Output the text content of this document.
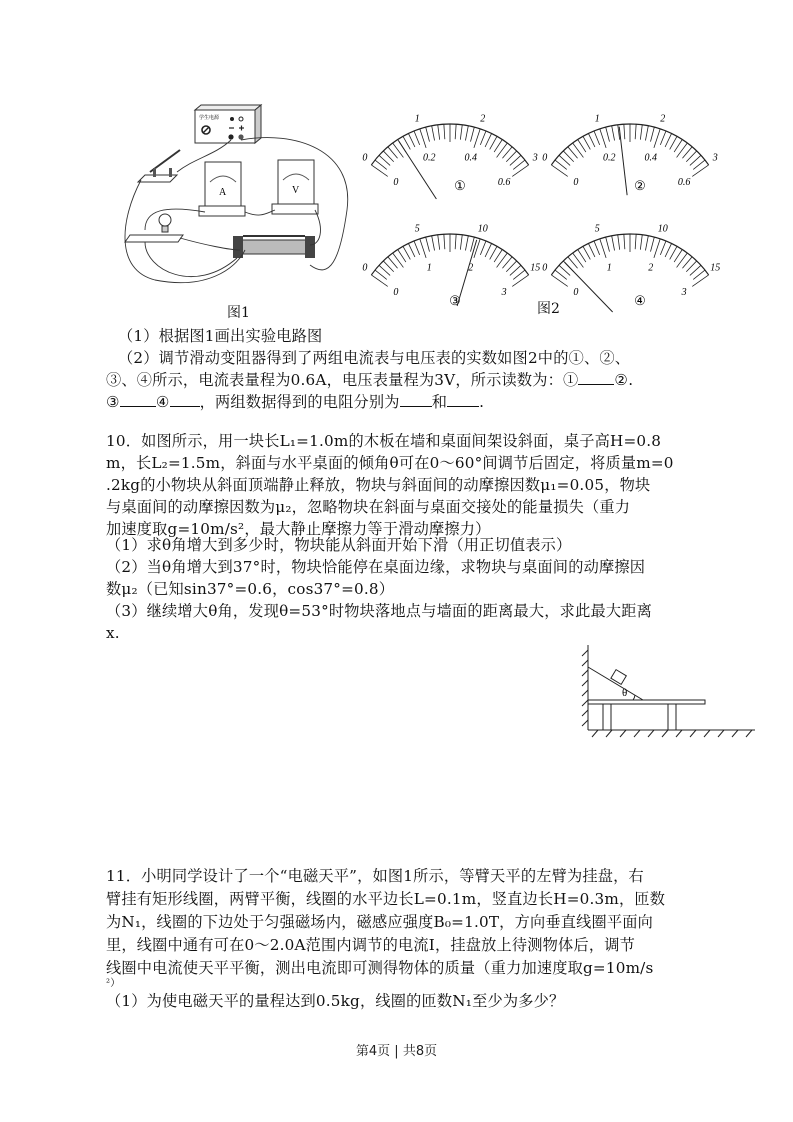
学生电源
A	V
图1
0
0
1
0.2
2
0.4	3
0.6
①
0
0
1
0.2
2
0.4	3
0.6
②
0
0
5
1
10
2	15
3
③
0
0
5
1
10
2	15
3
④
图2
（1）根据图1画出实验电路图
（2）调节滑动变阻器得到了两组电流表与电压表的实数如图2中的①、②、
③、④所示，电流表量程为0.6A，电压表量程为3V，所示读数为：① ②.
③ ④ ，两组数据得到的电阻分别为 和 .
10．如图所示，用一块长L₁=1.0m的木板在墙和桌面间架设斜面，桌子高H=0.8
m，长L₂=1.5m，斜面与水平桌面的倾角θ可在0～60°间调节后固定，将质量m=0
.2kg的小物块从斜面顶端静止释放，物块与斜面间的动摩擦因数μ₁=0.05，物块
与桌面间的动摩擦因数为μ₂，忽略物块在斜面与桌面交接处的能量损失（重力
加速度取g=10m/s²，最大静止摩擦力等于滑动摩擦力）
（1）求θ角增大到多少时，物块能从斜面开始下滑（用正切值表示）
（2）当θ角增大到37°时，物块恰能停在桌面边缘，求物块与桌面间的动摩擦因
数μ₂（已知sin37°=0.6，cos37°=0.8）
（3）继续增大θ角，发现θ=53°时物块落地点与墙面的距离最大，求此最大距离
x.
θ
11．小明同学设计了一个“电磁天平”，如图1所示，等臂天平的左臂为挂盘，右
臂挂有矩形线圈，两臂平衡，线圈的水平边长L=0.1m，竖直边长H=0.3m，匝数
为N₁，线圈的下边处于匀强磁场内，磁感应强度B₀=1.0T，方向垂直线圈平面向
里，线圈中通有可在0～2.0A范围内调节的电流I，挂盘放上待测物体后，调节
线圈中电流使天平平衡，测出电流即可测得物体的质量（重力加速度取g=10m/s
²）
（1）为使电磁天平的量程达到0.5kg，线圈的匝数N₁至少为多少？
第4页 | 共8页
